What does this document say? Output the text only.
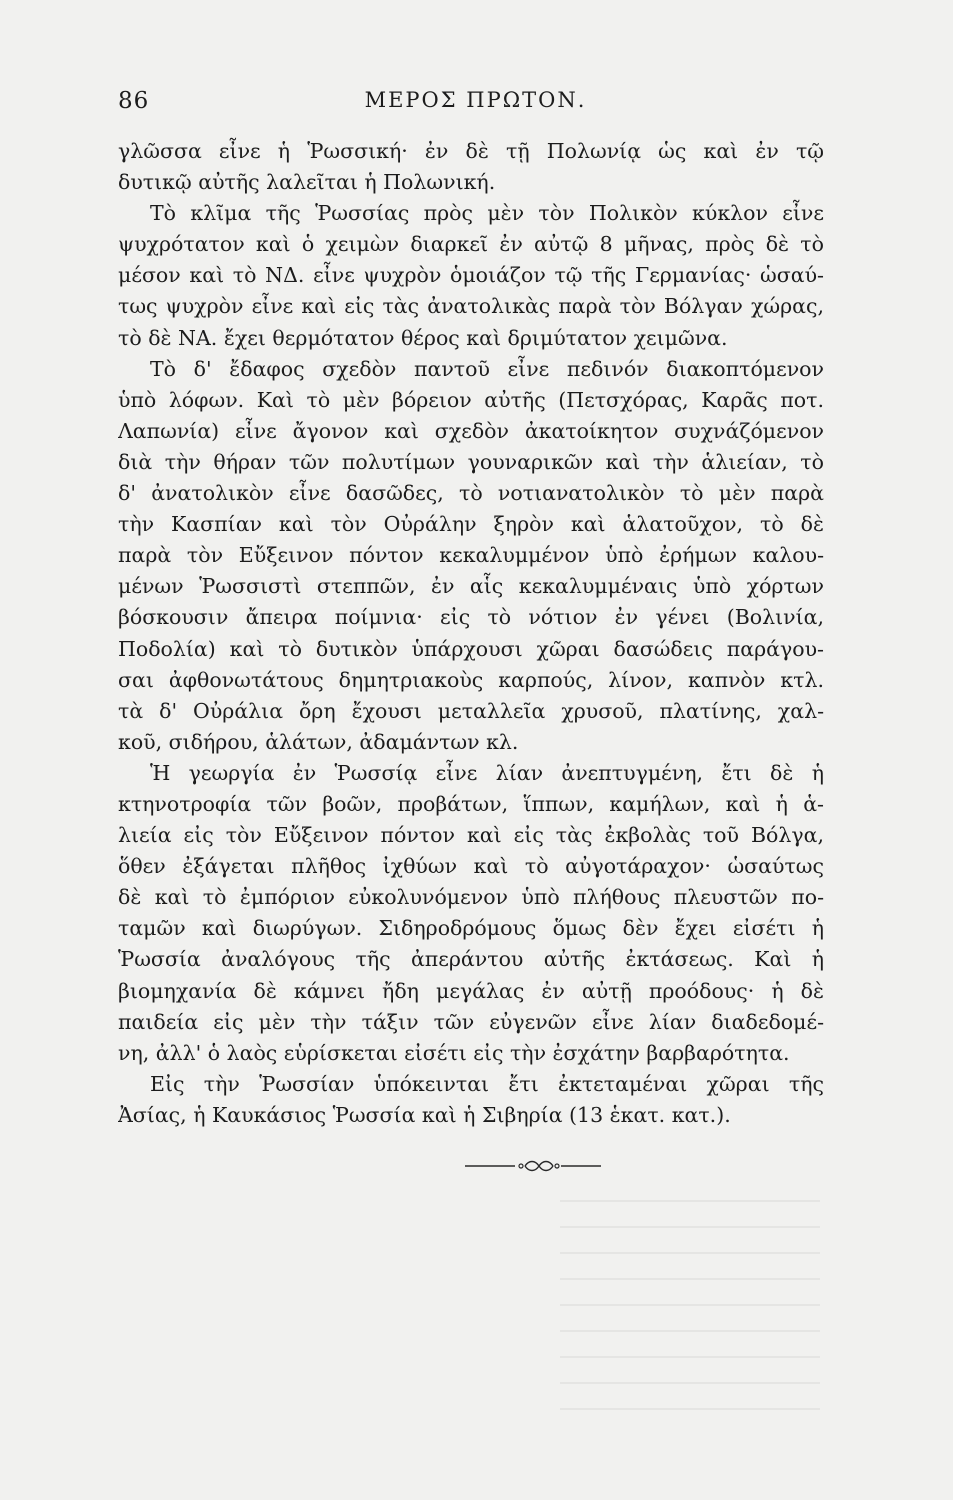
86	ΜΕΡΟΣ ΠΡΩΤΟΝ.
γλῶσσα εἶνε ἡ Ῥωσσική· ἐν δὲ τῇ Πολωνίᾳ ὡς καὶ ἐν τῷ
δυτικῷ αὐτῆς λαλεῖται ἡ Πολωνική.
Τὸ κλῖμα τῆς Ῥωσσίας πρὸς μὲν τὸν Πολικὸν κύκλον εἶνε
ψυχρότατον καὶ ὁ χειμὼν διαρκεῖ ἐν αὐτῷ 8 μῆνας, πρὸς δὲ τὸ
μέσον καὶ τὸ ΝΔ. εἶνε ψυχρὸν ὁμοιάζον τῷ τῆς Γερμανίας· ὡσαύ-
τως ψυχρὸν εἶνε καὶ εἰς τὰς ἀνατολικὰς παρὰ τὸν Βόλγαν χώρας,
τὸ δὲ ΝΑ. ἔχει θερμότατον θέρος καὶ δριμύτατον χειμῶνα.
Τὸ δ' ἔδαφος σχεδὸν παντοῦ εἶνε πεδινόν διακοπτόμενον
ὑπὸ λόφων. Καὶ τὸ μὲν βόρειον αὐτῆς (Πετσχόρας, Καρᾶς ποτ.
Λαπωνία) εἶνε ἄγονον καὶ σχεδὸν ἀκατοίκητον συχνάζόμενον
διὰ τὴν θήραν τῶν πολυτίμων γουναρικῶν καὶ τὴν ἁλιείαν, τὸ
δ' ἀνατολικὸν εἶνε δασῶδες, τὸ νοτιανατολικὸν τὸ μὲν παρὰ
τὴν Κασπίαν καὶ τὸν Οὐράλην ξηρὸν καὶ ἁλατοῦχον, τὸ δὲ
παρὰ τὸν Εὔξεινον πόντον κεκαλυμμένον ὑπὸ ἐρήμων καλου-
μένων Ῥωσσιστὶ στεππῶν, ἐν αἷς κεκαλυμμέναις ὑπὸ χόρτων
βόσκουσιν ἄπειρα ποίμνια· εἰς τὸ νότιον ἐν γένει (Βολινία,
Ποδολία) καὶ τὸ δυτικὸν ὑπάρχουσι χῶραι δασώδεις παράγου-
σαι ἀφθονωτάτους δημητριακοὺς καρπούς, λίνον, καπνὸν κτλ.
τὰ δ' Οὐράλια ὄρη ἔχουσι μεταλλεῖα χρυσοῦ, πλατίνης, χαλ-
κοῦ, σιδήρου, ἁλάτων, ἀδαμάντων κλ.
Ἡ γεωργία ἐν Ῥωσσίᾳ εἶνε λίαν ἀνεπτυγμένη, ἔτι δὲ ἡ
κτηνοτροφία τῶν βοῶν, προβάτων, ἵππων, καμήλων, καὶ ἡ ἁ-
λιεία εἰς τὸν Εὔξεινον πόντον καὶ εἰς τὰς ἐκβολὰς τοῦ Βόλγα,
ὅθεν ἐξάγεται πλῆθος ἰχθύων καὶ τὸ αὐγοτάραχον· ὡσαύτως
δὲ καὶ τὸ ἐμπόριον εὐκολυνόμενον ὑπὸ πλήθους πλευστῶν πο-
ταμῶν καὶ διωρύγων. Σιδηροδρόμους ὅμως δὲν ἔχει εἰσέτι ἡ
Ῥωσσία ἀναλόγους τῆς ἀπεράντου αὐτῆς ἐκτάσεως. Καὶ ἡ
βιομηχανία δὲ κάμνει ἤδη μεγάλας ἐν αὐτῇ προόδους· ἡ δὲ
παιδεία εἰς μὲν τὴν τάξιν τῶν εὐγενῶν εἶνε λίαν διαδεδομέ-
νη, ἀλλ' ὁ λαὸς εὑρίσκεται εἰσέτι εἰς τὴν ἐσχάτην βαρβαρότητα.
Εἰς τὴν Ῥωσσίαν ὑπόκεινται ἔτι ἐκτεταμέναι χῶραι τῆς
Ἀσίας, ἡ Καυκάσιος Ῥωσσία καὶ ἡ Σιβηρία (13 ἑκατ. κατ.).
